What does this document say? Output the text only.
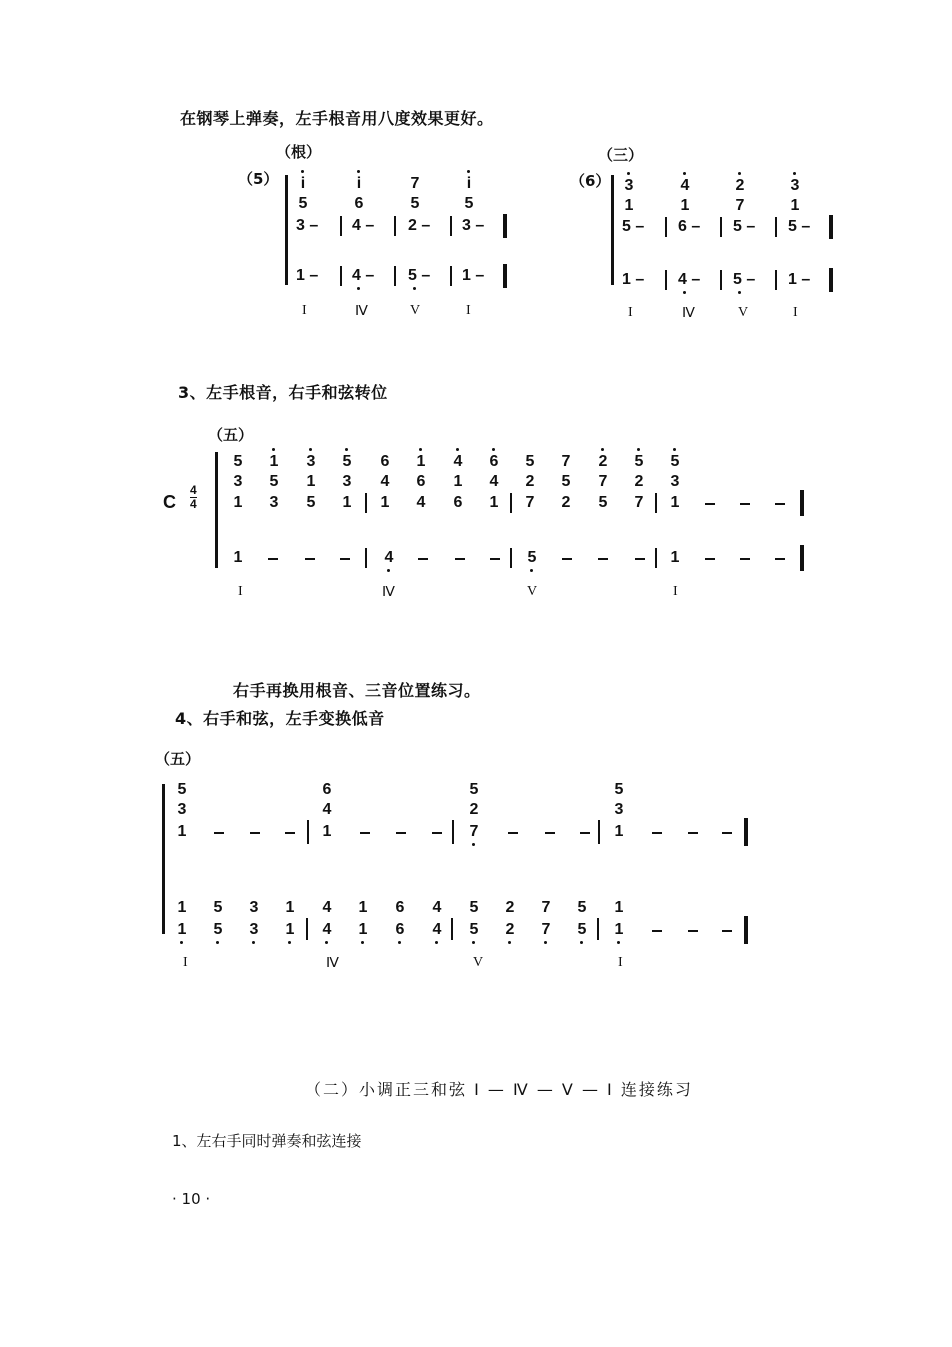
在钢琴上弹奏，左手根音用八度效果更好。
（根）
（5） i	i	7	i
5	6	5	5
3 –	4 –	2 –	3 –
1 –	4 –	5 –	1 –
I	Ⅳ	V	I
（三）
（6） 3	4	2	3
1	1	7	1
5 –	6 –	5 –	5 –
1 –	4 –	5 –	1 –
I	Ⅳ	V	I
3、左手根音，右手和弦转位
（五）
C
4
4
5 1 3 5 6 1 4 6 5 7 2 5 5
3 5 1 3 4 6 1 4 2 5 7 2 3
1 3 5 1 1 4 6 1 7 2 5 7 1
1	4	5	1
I	Ⅳ	V	I
右手再换用根音、三音位置练习。
4、右手和弦，左手变换低音
（五）
5	6	5	5
3	4	2	3
1	1	7	1
1 5 3 1 4 1 6 4 5 2 7 5 1
1 5 3 1 4 1 6 4 5 2 7 5 1
I	Ⅳ	V	I
（二）小调正三和弦 I — Ⅳ — V — I 连接练习
1、左右手同时弹奏和弦连接
· 10 ·
